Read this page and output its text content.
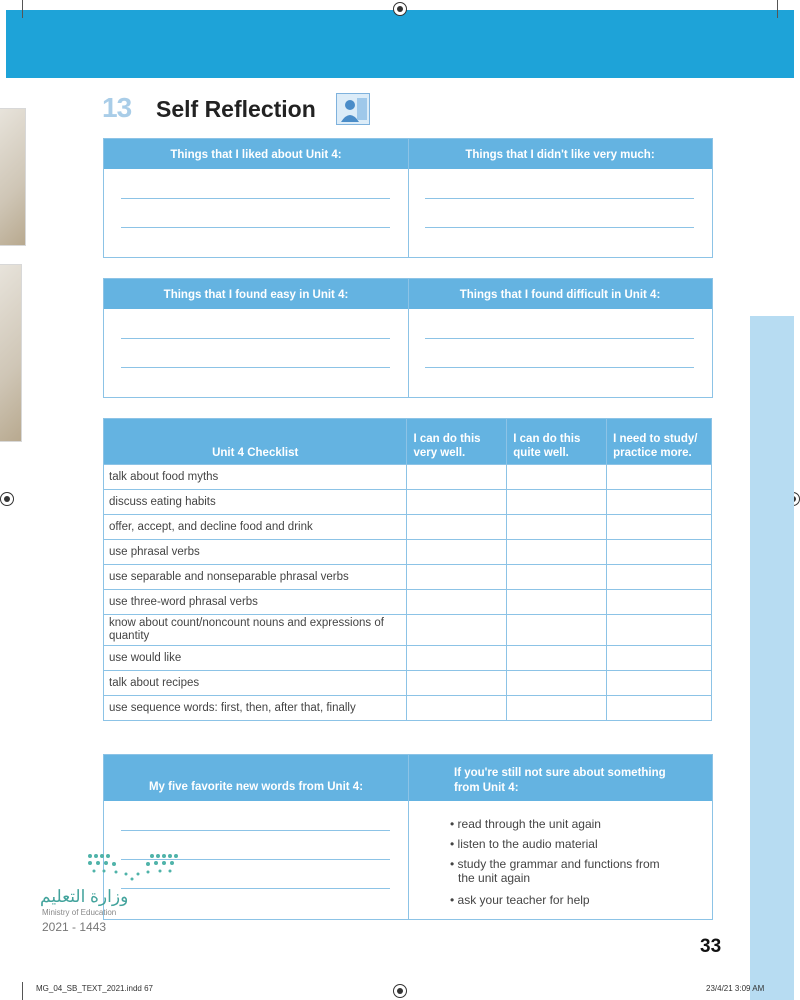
13 Self Reflection
Things that I liked about Unit 4:	Things that I didn't like very much:
Things that I found easy in Unit 4:	Things that I found difficult in Unit 4:
Unit 4 Checklist	I can do this very well.	I can do this quite well.	I need to study/ practice more.
talk about food myths			
discuss eating habits			
offer, accept, and decline food and drink			
use phrasal verbs			
use separable and nonseparable phrasal verbs			
use three-word phrasal verbs			
know about count/noncount nouns and expressions of quantity			
use would like			
talk about recipes			
use sequence words: first, then, after that, finally			
My five favorite new words from Unit 4:
If you're still not sure about something from Unit 4:
• read through the unit again
• listen to the audio material
• study the grammar and functions from the unit again
• ask your teacher for help
وزارة التعليم
Ministry of Education
2021 - 1443
33
MG_04_SB_TEXT_2021.indd 67	23/4/21 3:09 AM
